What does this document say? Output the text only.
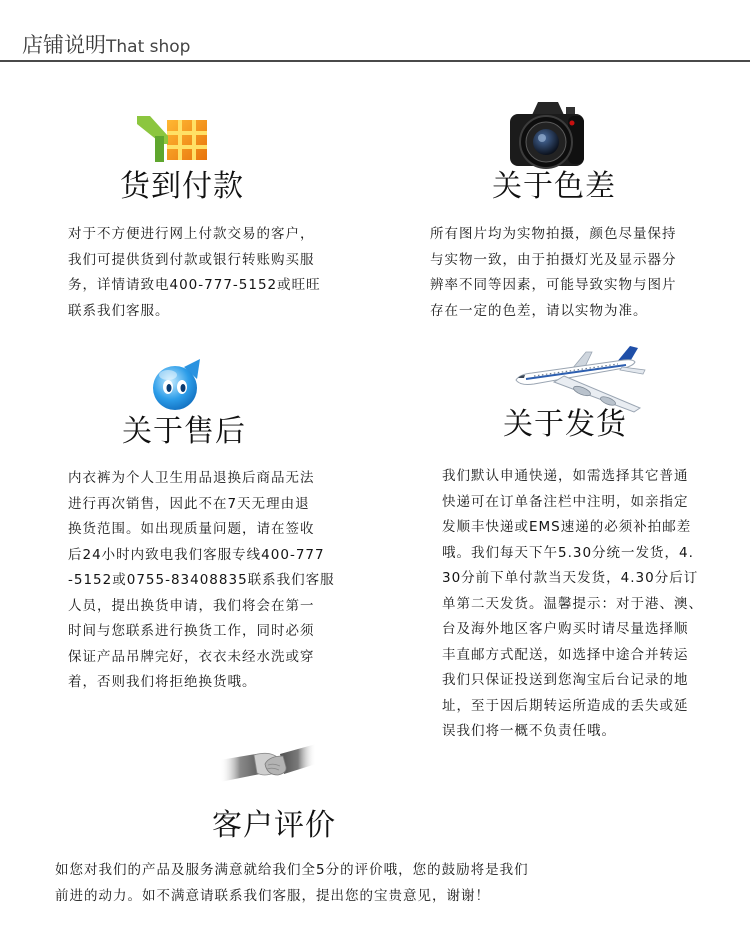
店铺说明That shop
货到付款
对于不方便进行网上付款交易的客户，
我们可提供货到付款或银行转账购买服
务，详情请致电400-777-5152或旺旺
联系我们客服。
关于色差
所有图片均为实物拍摄，颜色尽量保持
与实物一致，由于拍摄灯光及显示器分
辨率不同等因素，可能导致实物与图片
存在一定的色差，请以实物为准。
关于售后
内衣裤为个人卫生用品退换后商品无法
进行再次销售，因此不在7天无理由退
换货范围。如出现质量问题，请在签收
后24小时内致电我们客服专线400-777
-5152或0755-83408835联系我们客服
人员，提出换货申请，我们将会在第一
时间与您联系进行换货工作，同时必须
保证产品吊牌完好，衣衣未经水洗或穿
着，否则我们将拒绝换货哦。
关于发货
我们默认申通快递，如需选择其它普通
快递可在订单备注栏中注明，如亲指定
发顺丰快递或EMS速递的必须补拍邮差
哦。我们每天下午5.30分统一发货，4.
30分前下单付款当天发货，4.30分后订
单第二天发货。温馨提示：对于港、澳、
台及海外地区客户购买时请尽量选择顺
丰直邮方式配送，如选择中途合并转运
我们只保证投送到您淘宝后台记录的地
址，至于因后期转运所造成的丢失或延
误我们将一概不负责任哦。
客户评价
如您对我们的产品及服务满意就给我们全5分的评价哦，您的鼓励将是我们
前进的动力。如不满意请联系我们客服，提出您的宝贵意见，谢谢！
